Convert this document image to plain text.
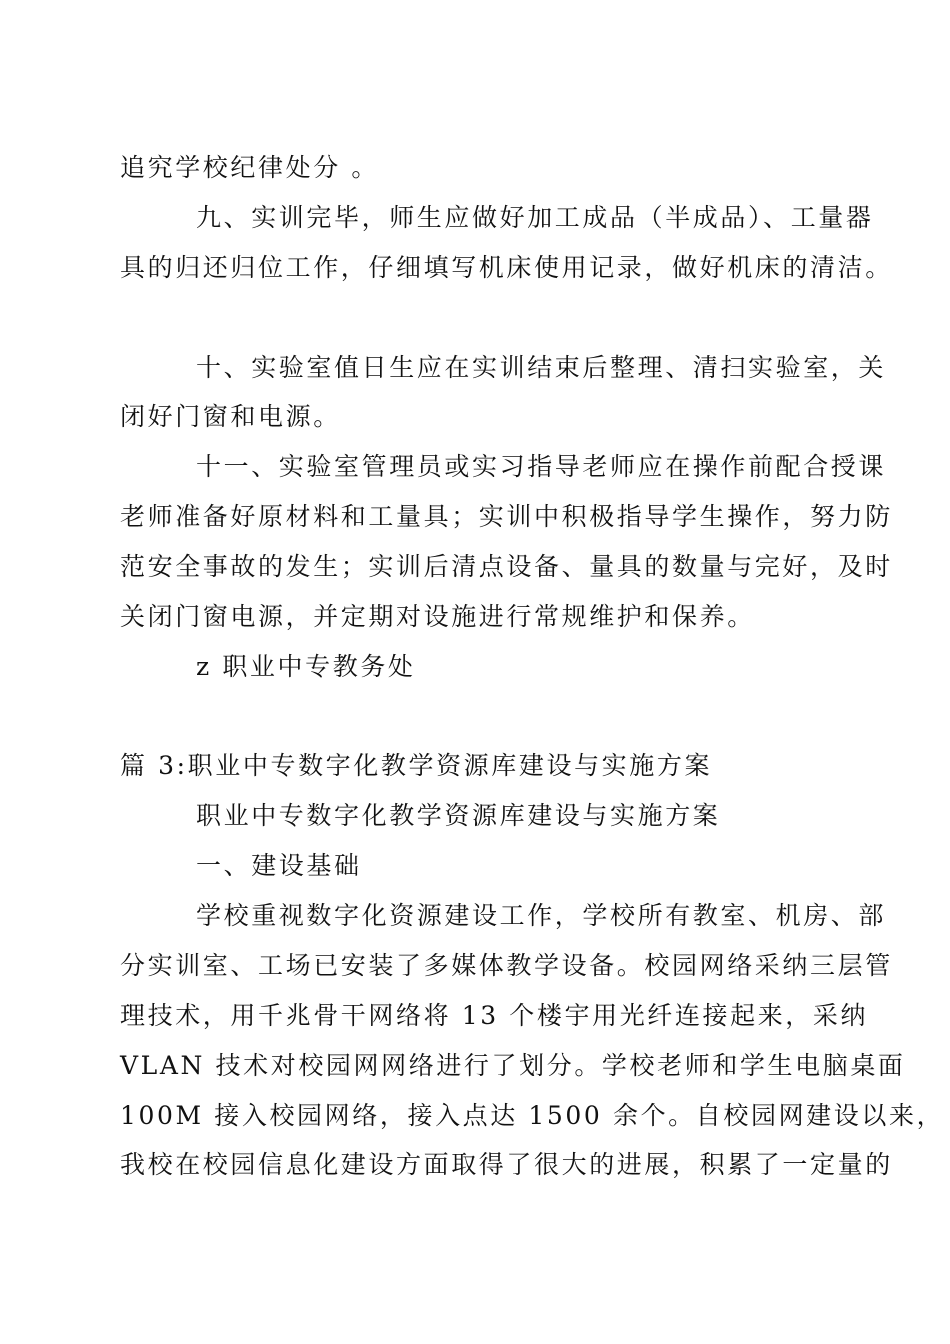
追究学校纪律处分 。
九、实训完毕，师生应做好加工成品（半成品）、工量器
具的归还归位工作，仔细填写机床使用记录，做好机床的清洁。
十、实验室值日生应在实训结束后整理、清扫实验室，关
闭好门窗和电源。
十一、实验室管理员或实习指导老师应在操作前配合授课
老师准备好原材料和工量具；实训中积极指导学生操作，努力防
范安全事故的发生；实训后清点设备、量具的数量与完好，及时
关闭门窗电源，并定期对设施进行常规维护和保养。
z 职业中专教务处
篇 3:职业中专数字化教学资源库建设与实施方案
职业中专数字化教学资源库建设与实施方案
一、建设基础
学校重视数字化资源建设工作，学校所有教室、机房、部
分实训室、工场已安装了多媒体教学设备。校园网络采纳三层管
理技术，用千兆骨干网络将 13 个楼宇用光纤连接起来，采纳
VLAN 技术对校园网网络进行了划分。学校老师和学生电脑桌面
100M 接入校园网络，接入点达 1500 余个。自校园网建设以来，
我校在校园信息化建设方面取得了很大的进展，积累了一定量的
